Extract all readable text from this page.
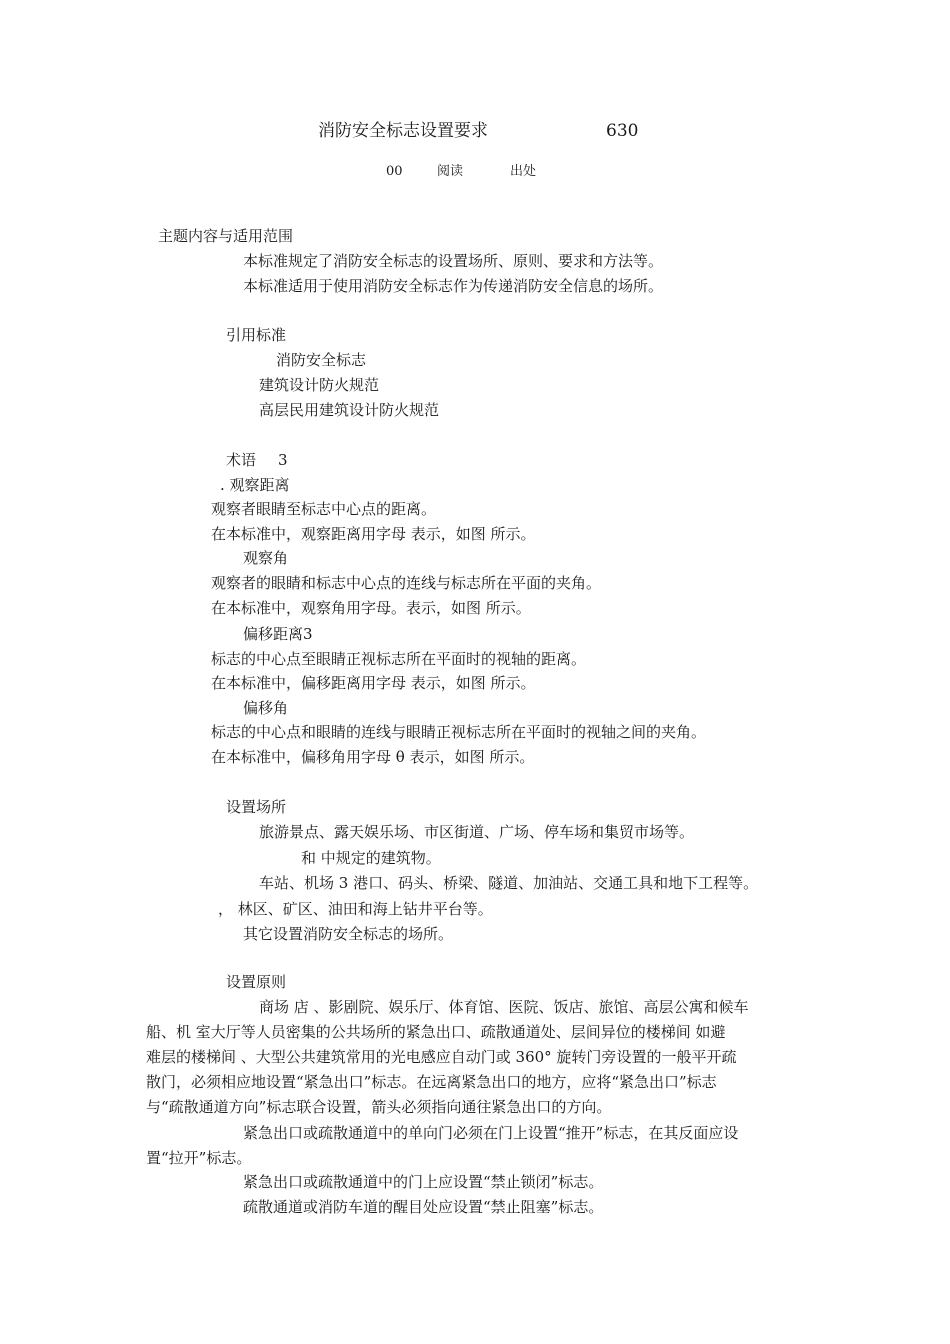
消防安全标志设置要求	630
00	阅读	出处
主题内容与适用范围
本标准规定了消防安全标志的设置场所、原则、要求和方法等。
本标准适用于使用消防安全标志作为传递消防安全信息的场所。
引用标准
消防安全标志
建筑设计防火规范
高层民用建筑设计防火规范
术语 3
. 观察距离
观察者眼睛至标志中心点的距离。
在本标准中，观察距离用字母 表示，如图 所示。
观察角
观察者的眼睛和标志中心点的连线与标志所在平面的夹角。
在本标准中，观察角用字母。表示，如图 所示。
偏移距离3
标志的中心点至眼睛正视标志所在平面时的视轴的距离。
在本标准中，偏移距离用字母 表示，如图 所示。
偏移角
标志的中心点和眼睛的连线与眼睛正视标志所在平面时的视轴之间的夹角。
在本标准中，偏移角用字母 θ 表示，如图 所示。
设置场所
旅游景点、露天娱乐场、市区街道、广场、停车场和集贸市场等。
和 中规定的建筑物。
车站、机场 3 港口、码头、桥梁、隧道、加油站、交通工具和地下工程等。
， 林区、矿区、油田和海上钻井平台等。
其它设置消防安全标志的场所。
设置原则
商场 店 、影剧院、娱乐厅、体育馆、医院、饭店、旅馆、高层公寓和候车
船、机 室大厅等人员密集的公共场所的紧急出口、疏散通道处、层间异位的楼梯间 如避
难层的楼梯间 、大型公共建筑常用的光电感应自动门或 360° 旋转门旁设置的一般平开疏
散门，必须相应地设置“紧急出口”标志。在远离紧急出口的地方，应将“紧急出口”标志
与“疏散通道方向”标志联合设置，箭头必须指向通往紧急出口的方向。
紧急出口或疏散通道中的单向门必须在门上设置“推开”标志，在其反面应设
置“拉开”标志。
紧急出口或疏散通道中的门上应设置“禁止锁闭”标志。
疏散通道或消防车道的醒目处应设置“禁止阻塞”标志。
